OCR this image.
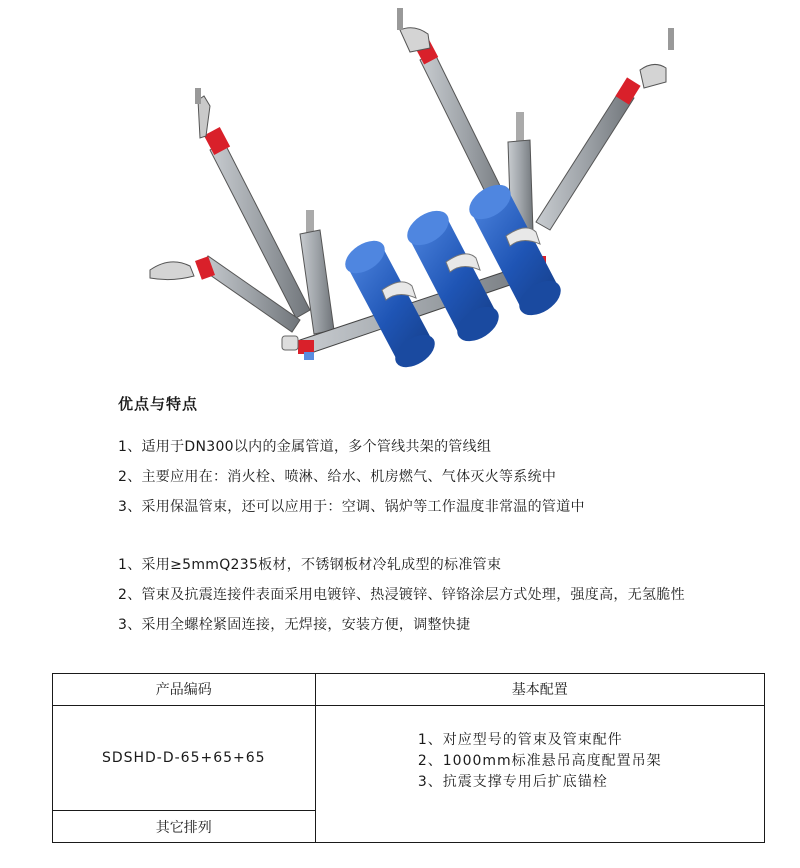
优点与特点
1、适用于DN300以内的金属管道，多个管线共架的管线组
2、主要应用在：消火栓、喷淋、给水、机房燃气、气体灭火等系统中
3、采用保温管束，还可以应用于：空调、锅炉等工作温度非常温的管道中
1、采用≥5mmQ235板材，不锈钢板材冷轧成型的标准管束
2、管束及抗震连接件表面采用电镀锌、热浸镀锌、锌铬涂层方式处理，强度高，无氢脆性
3、采用全螺栓紧固连接，无焊接，安装方便，调整快捷
产品编码	基本配置
SDSHD-D-65+65+65	1、对应型号的管束及管束配件
2、1000mm标准悬吊高度配置吊架
3、抗震支撑专用后扩底锚栓

其它排列	
